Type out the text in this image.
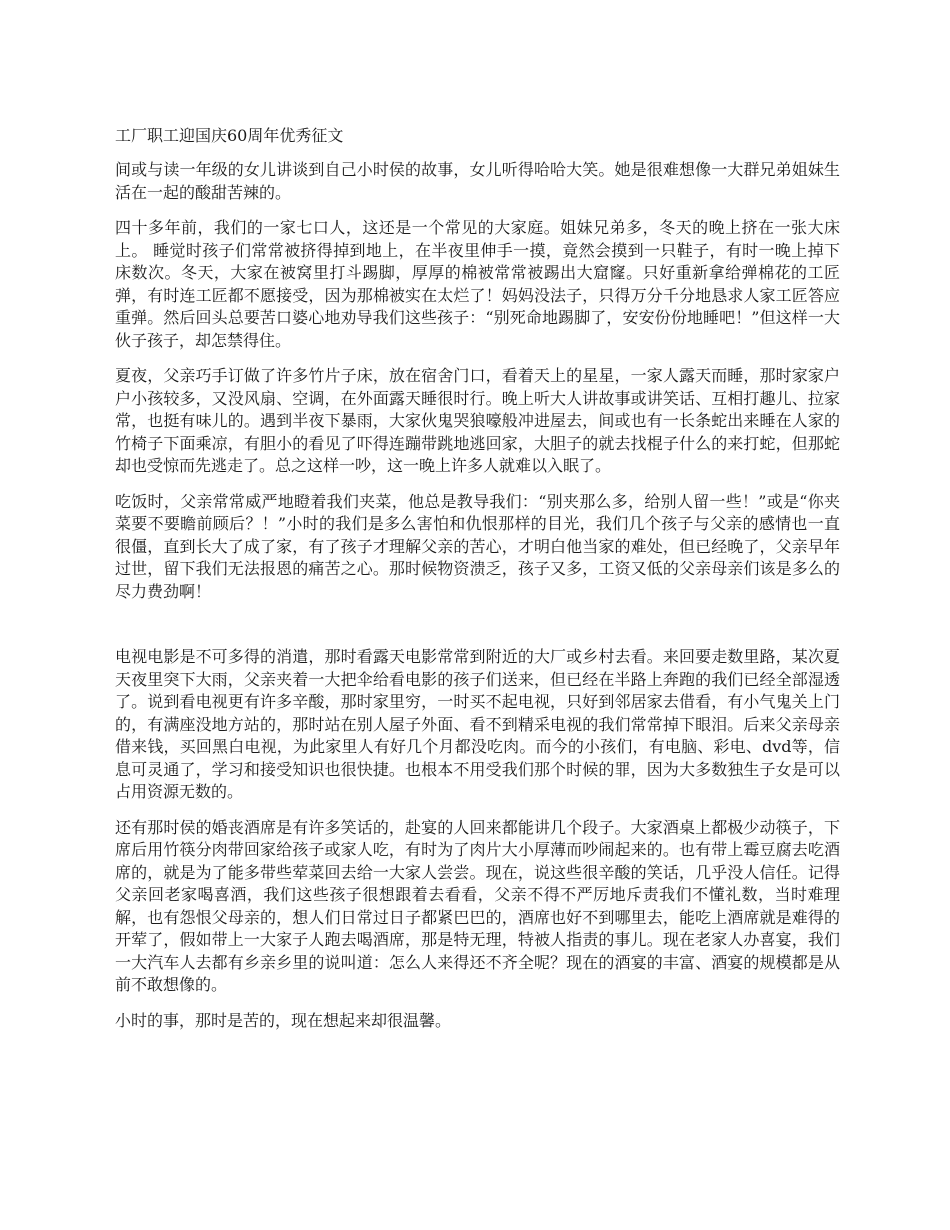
工厂职工迎国庆60周年优秀征文

间或与读一年级的女儿讲谈到自己小时侯的故事，女儿听得哈哈大笑。她是很难想像一大群兄弟姐妹生活在一起的酸甜苦辣的。

四十多年前，我们的一家七口人，这还是一个常见的大家庭。姐妹兄弟多，冬天的晚上挤在一张大床上。 睡觉时孩子们常常被挤得掉到地上，在半夜里伸手一摸，竟然会摸到一只鞋子，有时一晚上掉下床数次。冬天，大家在被窝里打斗踢脚，厚厚的棉被常常被踢出大窟窿。只好重新拿给弹棉花的工匠弹，有时连工匠都不愿接受，因为那棉被实在太烂了！妈妈没法子，只得万分千分地恳求人家工匠答应重弹。然后回头总要苦口婆心地劝导我们这些孩子：“别死命地踢脚了，安安份份地睡吧！”但这样一大伙子孩子，却怎禁得住。

夏夜，父亲巧手订做了许多竹片子床，放在宿舍门口，看着天上的星星，一家人露天而睡，那时家家户户小孩较多，又没风扇、空调，在外面露天睡很时行。晚上听大人讲故事或讲笑话、互相打趣儿、拉家常，也挺有味儿的。遇到半夜下暴雨，大家伙鬼哭狼嚎般冲进屋去，间或也有一长条蛇出来睡在人家的竹椅子下面乘凉，有胆小的看见了吓得连蹦带跳地逃回家，大胆子的就去找棍子什么的来打蛇，但那蛇却也受惊而先逃走了。总之这样一吵，这一晚上许多人就难以入眠了。

吃饭时，父亲常常威严地瞪着我们夹菜，他总是教导我们：“别夹那么多，给别人留一些！”或是“你夹菜要不要瞻前顾后？！”小时的我们是多么害怕和仇恨那样的目光，我们几个孩子与父亲的感情也一直很僵，直到长大了成了家，有了孩子才理解父亲的苦心，才明白他当家的难处，但已经晚了，父亲早年过世，留下我们无法报恩的痛苦之心。那时候物资溃乏，孩子又多，工资又低的父亲母亲们该是多么的尽力费劲啊！

电视电影是不可多得的消遣，那时看露天电影常常到附近的大厂或乡村去看。来回要走数里路，某次夏天夜里突下大雨，父亲夹着一大把伞给看电影的孩子们送来，但已经在半路上奔跑的我们已经全部湿透了。说到看电视更有许多辛酸，那时家里穷，一时买不起电视，只好到邻居家去借看，有小气鬼关上门的，有满座没地方站的，那时站在别人屋子外面、看不到精采电视的我们常常掉下眼泪。后来父亲母亲借来钱，买回黑白电视，为此家里人有好几个月都没吃肉。而今的小孩们，有电脑、彩电、dvd等，信息可灵通了，学习和接受知识也很快捷。也根本不用受我们那个时候的罪，因为大多数独生子女是可以占用资源无数的。

还有那时侯的婚丧酒席是有许多笑话的，赴宴的人回来都能讲几个段子。大家酒桌上都极少动筷子，下席后用竹筷分肉带回家给孩子或家人吃，有时为了肉片大小厚薄而吵闹起来的。也有带上霉豆腐去吃酒席的，就是为了能多带些荤菜回去给一大家人尝尝。现在，说这些很辛酸的笑话，几乎没人信任。记得父亲回老家喝喜酒，我们这些孩子很想跟着去看看，父亲不得不严厉地斥责我们不懂礼数，当时难理解，也有怨恨父母亲的，想人们日常过日子都紧巴巴的，酒席也好不到哪里去，能吃上酒席就是难得的开荤了，假如带上一大家子人跑去喝酒席，那是特无理，特被人指责的事儿。现在老家人办喜宴，我们一大汽车人去都有乡亲乡里的说叫道：怎么人来得还不齐全呢？现在的酒宴的丰富、酒宴的规模都是从前不敢想像的。

小时的事，那时是苦的，现在想起来却很温馨。
